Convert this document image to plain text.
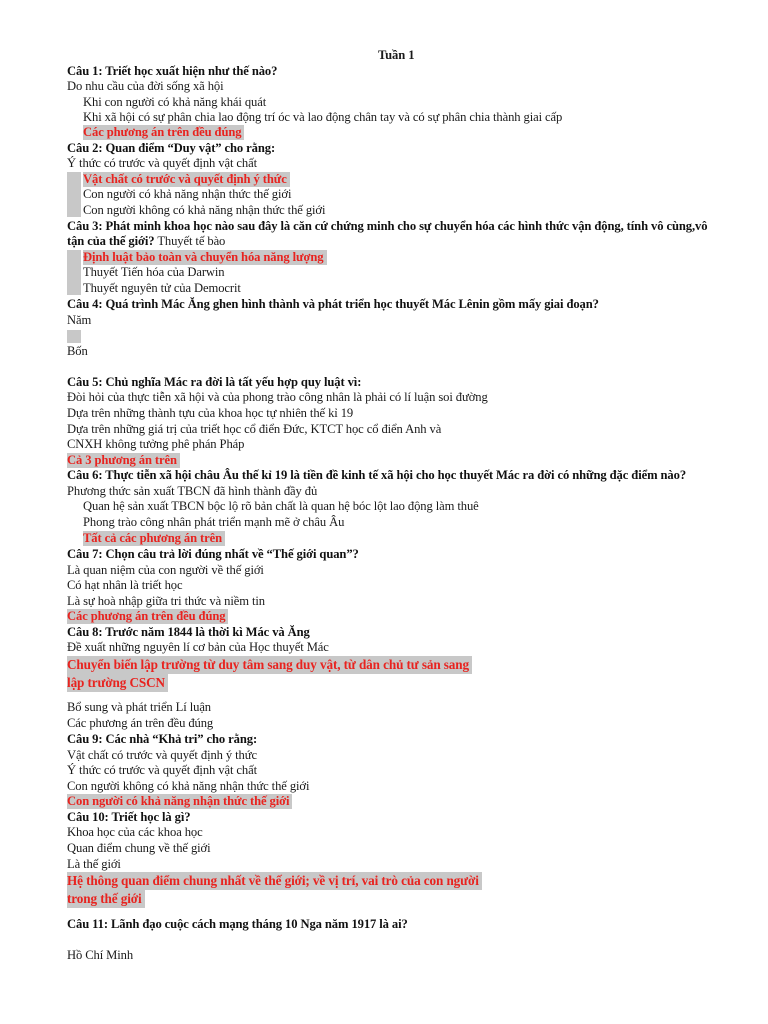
Tuần 1
Câu 1: Triết học xuất hiện như thế nào?
Do nhu cầu của đời sống xã hội
Khi con người có khả năng khái quát
Khi xã hội có sự phân chia lao động trí óc và lao động chân tay và có sự phân chia thành giai cấp
Các phương án trên đều đúng
Câu 2: Quan điểm “Duy vật” cho rằng:
Ý thức có trước và quyết định vật chất
Vật chất có trước và quyết định ý thức
Con người có khả năng nhận thức thế giới
Con người không có khả năng nhận thức thế giới
Câu 3: Phát minh khoa học nào sau đây là căn cứ chứng minh cho sự chuyển hóa các hình thức vận động, tính vô cùng,vô
tận của thế giới? Thuyết tế bào
Định luật bảo toàn và chuyển hóa năng lượng
Thuyết Tiến hóa của Darwin
Thuyết nguyên tử của Democrit
Câu 4: Quá trình Mác Ăng ghen hình thành và phát triển học thuyết Mác Lênin gồm mấy giai đoạn?
Năm
Bốn
Câu 5: Chủ nghĩa Mác ra đời là tất yếu hợp quy luật vì:
Đòi hỏi của thực tiễn xã hội và của phong trào công nhân là phải có lí luận soi đường
Dựa trên những thành tựu của khoa học tự nhiên thế kỉ 19
Dựa trên những giá trị của triết học cổ điển Đức, KTCT học cổ điển Anh và
CNXH không tưởng phê phán Pháp
Cả 3 phương án trên
Câu 6: Thực tiễn xã hội châu Âu thế kỉ 19 là tiền đề kinh tế xã hội cho học thuyết Mác ra đời có những đặc điểm nào?
Phương thức sản xuất TBCN đã hình thành đầy đủ
Quan hệ sản xuất TBCN bộc lộ rõ bản chất là quan hệ bóc lột lao động làm thuê
Phong trào công nhân phát triển mạnh mẽ ở châu Âu
Tất cả các phương án trên
Câu 7: Chọn câu trả lời đúng nhất về “Thế giới quan”?
Là quan niệm của con người về thế giới
Có hạt nhân là triết học
Là sự hoà nhập giữa tri thức và niềm tin
Các phương án trên đều đúng
Câu 8: Trước năm 1844 là thời kì Mác và Ăng
Đề xuất những nguyên lí cơ bản của Học thuyết Mác
Chuyển biến lập trường từ duy tâm sang duy vật, từ dân chủ tư sản sang
lập trường CSCN
Bổ sung và phát triển Lí luận
Các phương án trên đều đúng
Câu 9: Các nhà “Khả tri” cho rằng:
Vật chất có trước và quyết định ý thức
Ý thức có trước và quyết định vật chất
Con người không có khả năng nhận thức thế giới
Con người có khả năng nhận thức thế giới
Câu 10: Triết học là gì?
Khoa học của các khoa học
Quan điểm chung về thế giới
Là thế giới
Hệ thông quan điểm chung nhất về thế giới; về vị trí, vai trò của con người
trong thế giới
Câu 11: Lãnh đạo cuộc cách mạng tháng 10 Nga năm 1917 là ai?
Hồ Chí Minh
